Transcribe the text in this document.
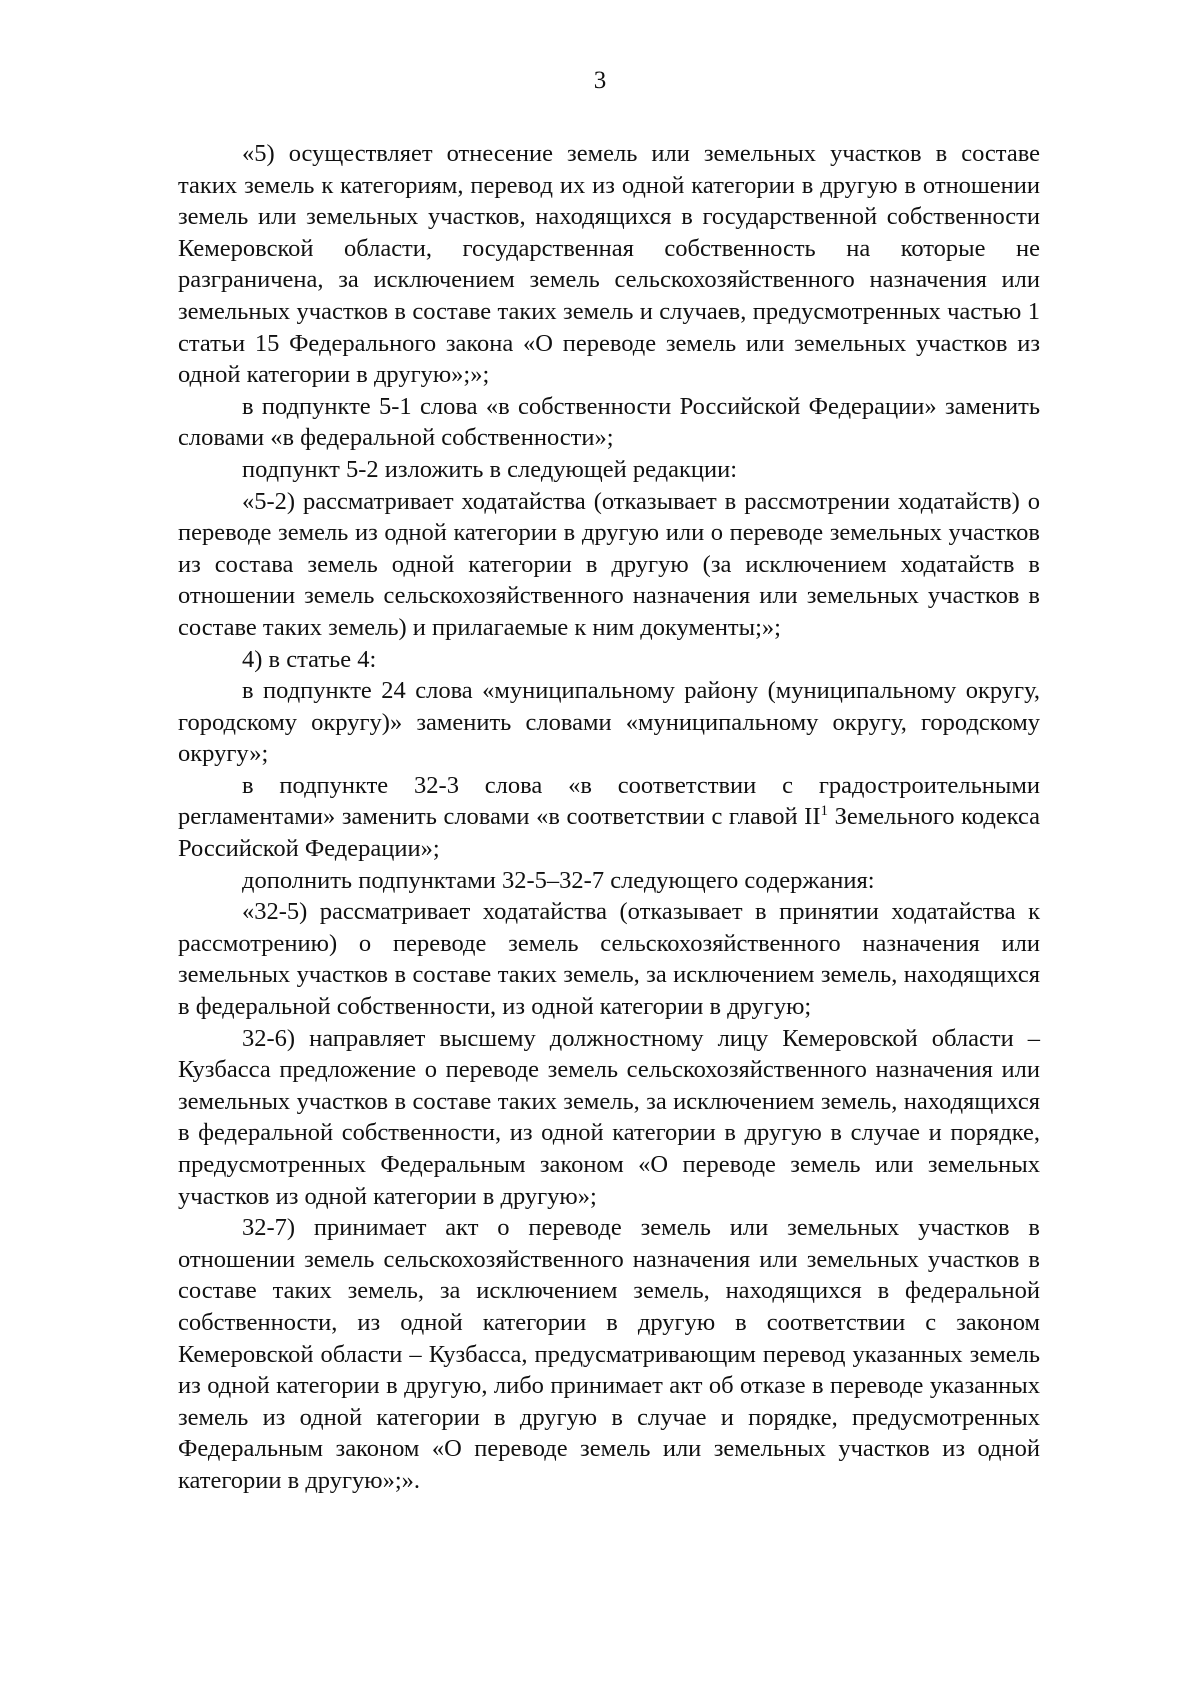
3

«5) осуществляет отнесение земель или земельных участков в составе таких земель к категориям, перевод их из одной категории в другую в отношении земель или земельных участков, находящихся в государственной собственности Кемеровской области, государственная собственность на которые не разграничена, за исключением земель сельскохозяйственного назначения или земельных участков в составе таких земель и случаев, предусмотренных частью 1 статьи 15 Федерального закона «О переводе земель или земельных участков из одной категории в другую»;»;

в подпункте 5-1 слова «в собственности Российской Федерации» заменить словами «в федеральной собственности»;

подпункт 5-2 изложить в следующей редакции:

«5-2) рассматривает ходатайства (отказывает в рассмотрении ходатайств) о переводе земель из одной категории в другую или о переводе земельных участков из состава земель одной категории в другую (за исключением ходатайств в отношении земель сельскохозяйственного назначения или земельных участков в составе таких земель) и прилагаемые к ним документы;»;

4) в статье 4:

в подпункте 24 слова «муниципальному району (муниципальному округу, городскому округу)» заменить словами «муниципальному округу, городскому округу»;

в подпункте 32-3 слова «в соответствии с градостроительными регламентами» заменить словами «в соответствии с главой $II^1$ Земельного кодекса Российской Федерации»;

дополнить подпунктами 32-5–32-7 следующего содержания:

«32-5) рассматривает ходатайства (отказывает в принятии ходатайства к рассмотрению) о переводе земель сельскохозяйственного назначения или земельных участков в составе таких земель, за исключением земель, находящихся в федеральной собственности, из одной категории в другую;

32-6) направляет высшему должностному лицу Кемеровской области – Кузбасса предложение о переводе земель сельскохозяйственного назначения или земельных участков в составе таких земель, за исключением земель, находящихся в федеральной собственности, из одной категории в другую в случае и порядке, предусмотренных Федеральным законом «О переводе земель или земельных участков из одной категории в другую»;

32-7) принимает акт о переводе земель или земельных участков в отношении земель сельскохозяйственного назначения или земельных участков в составе таких земель, за исключением земель, находящихся в федеральной собственности, из одной категории в другую в соответствии с законом Кемеровской области – Кузбасса, предусматривающим перевод указанных земель из одной категории в другую, либо принимает акт об отказе в переводе указанных земель из одной категории в другую в случае и порядке, предусмотренных Федеральным законом «О переводе земель или земельных участков из одной категории в другую»;».
